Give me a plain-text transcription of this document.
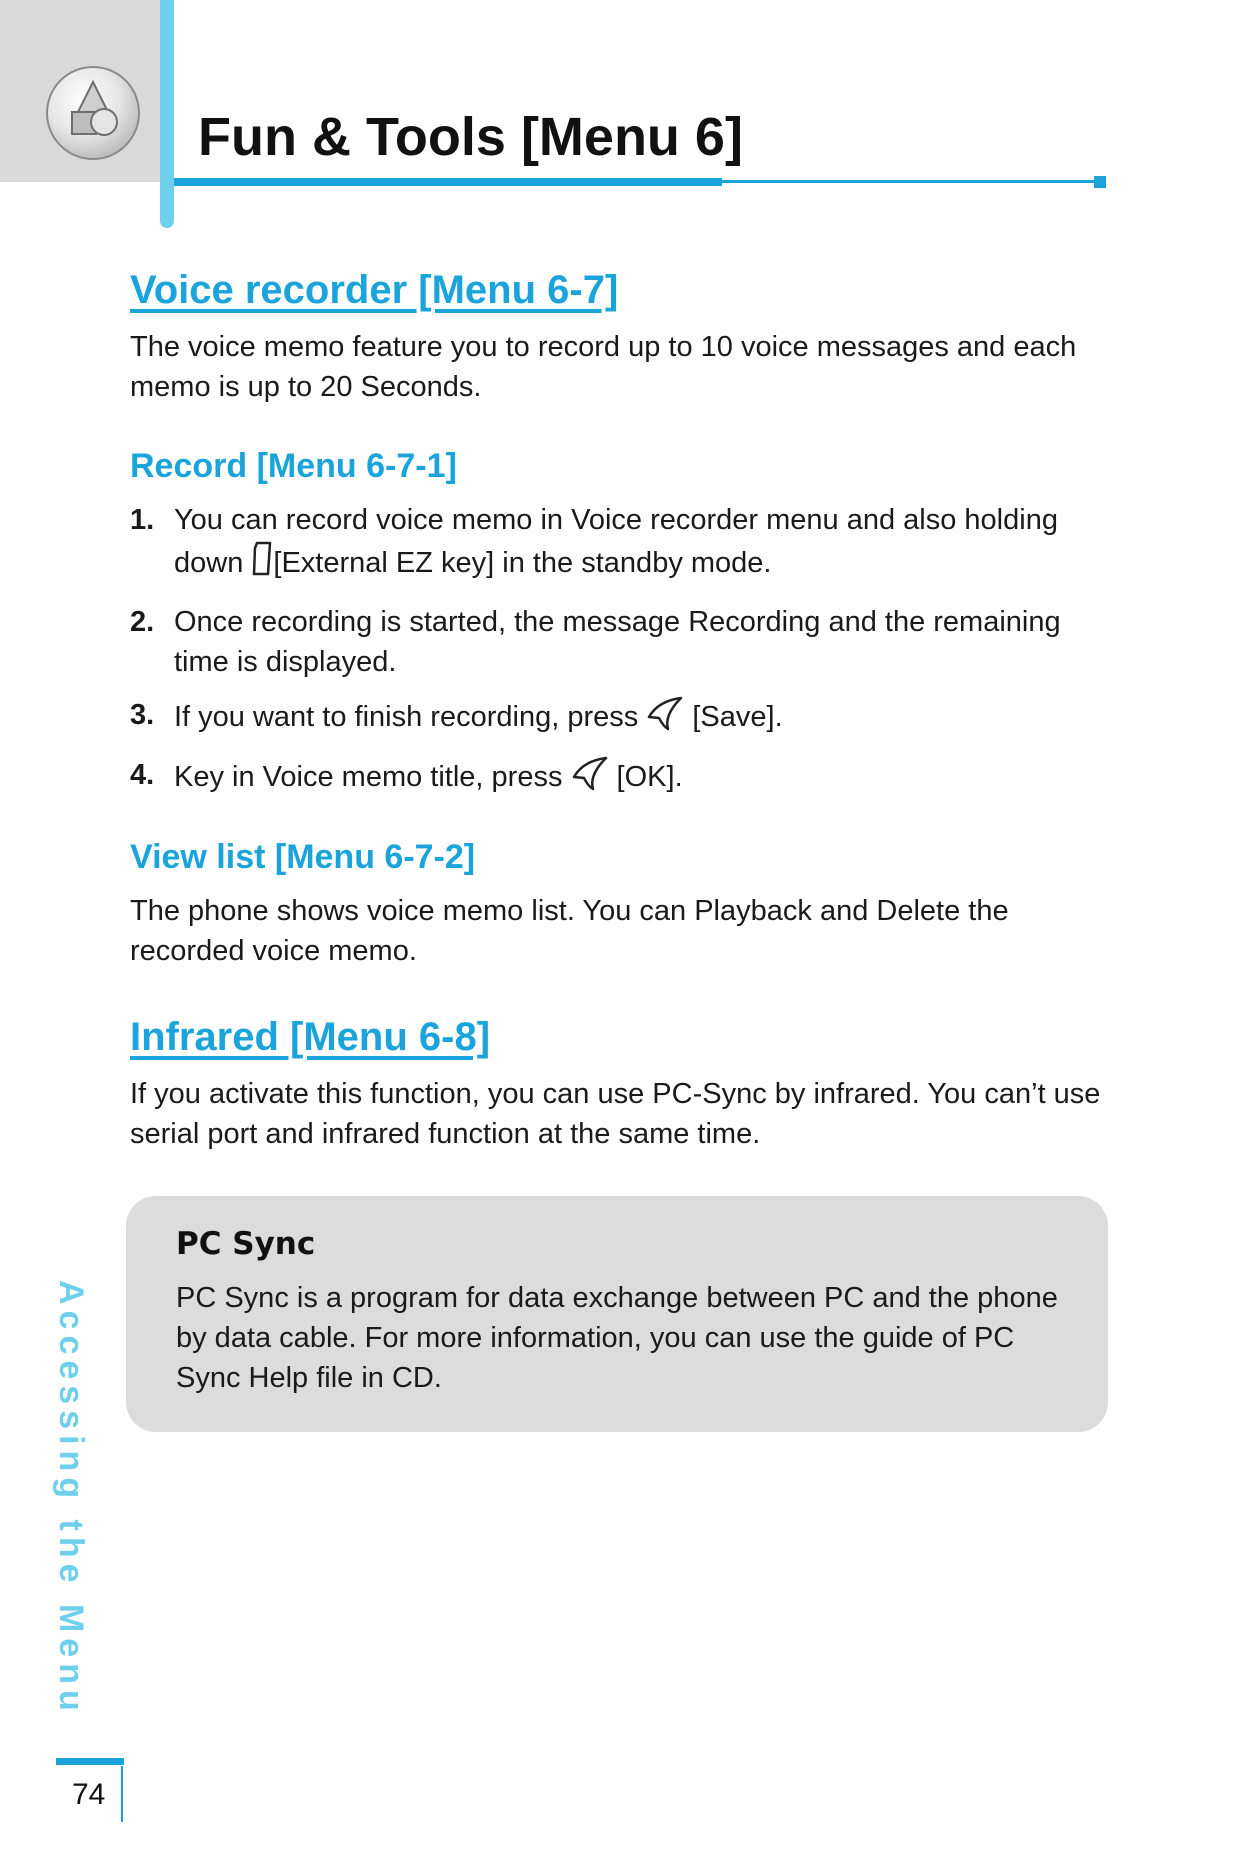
Fun & Tools [Menu 6]
Voice recorder [Menu 6-7]

The voice memo feature you to record up to 10 voice messages and each memo is up to 20 Seconds.

Record [Menu 6-7-1]
1. You can record voice memo in Voice recorder menu and also holding down [External EZ key] in the standby mode.
2. Once recording is started, the message Recording and the remaining time is displayed.
3. If you want to finish recording, press  [Save].
4. Key in Voice memo title, press  [OK].
View list [Menu 6-7-2]

The phone shows voice memo list. You can Playback and Delete the recorded voice memo.

Infrared [Menu 6-8]

If you activate this function, you can use PC-Sync by infrared. You can’t use serial port and infrared function at the same time.

PC Sync
PC Sync is a program for data exchange between PC and the phone by data cable. For more information, you can use the guide of PC Sync Help file in CD.
Accessing the Menu
74
